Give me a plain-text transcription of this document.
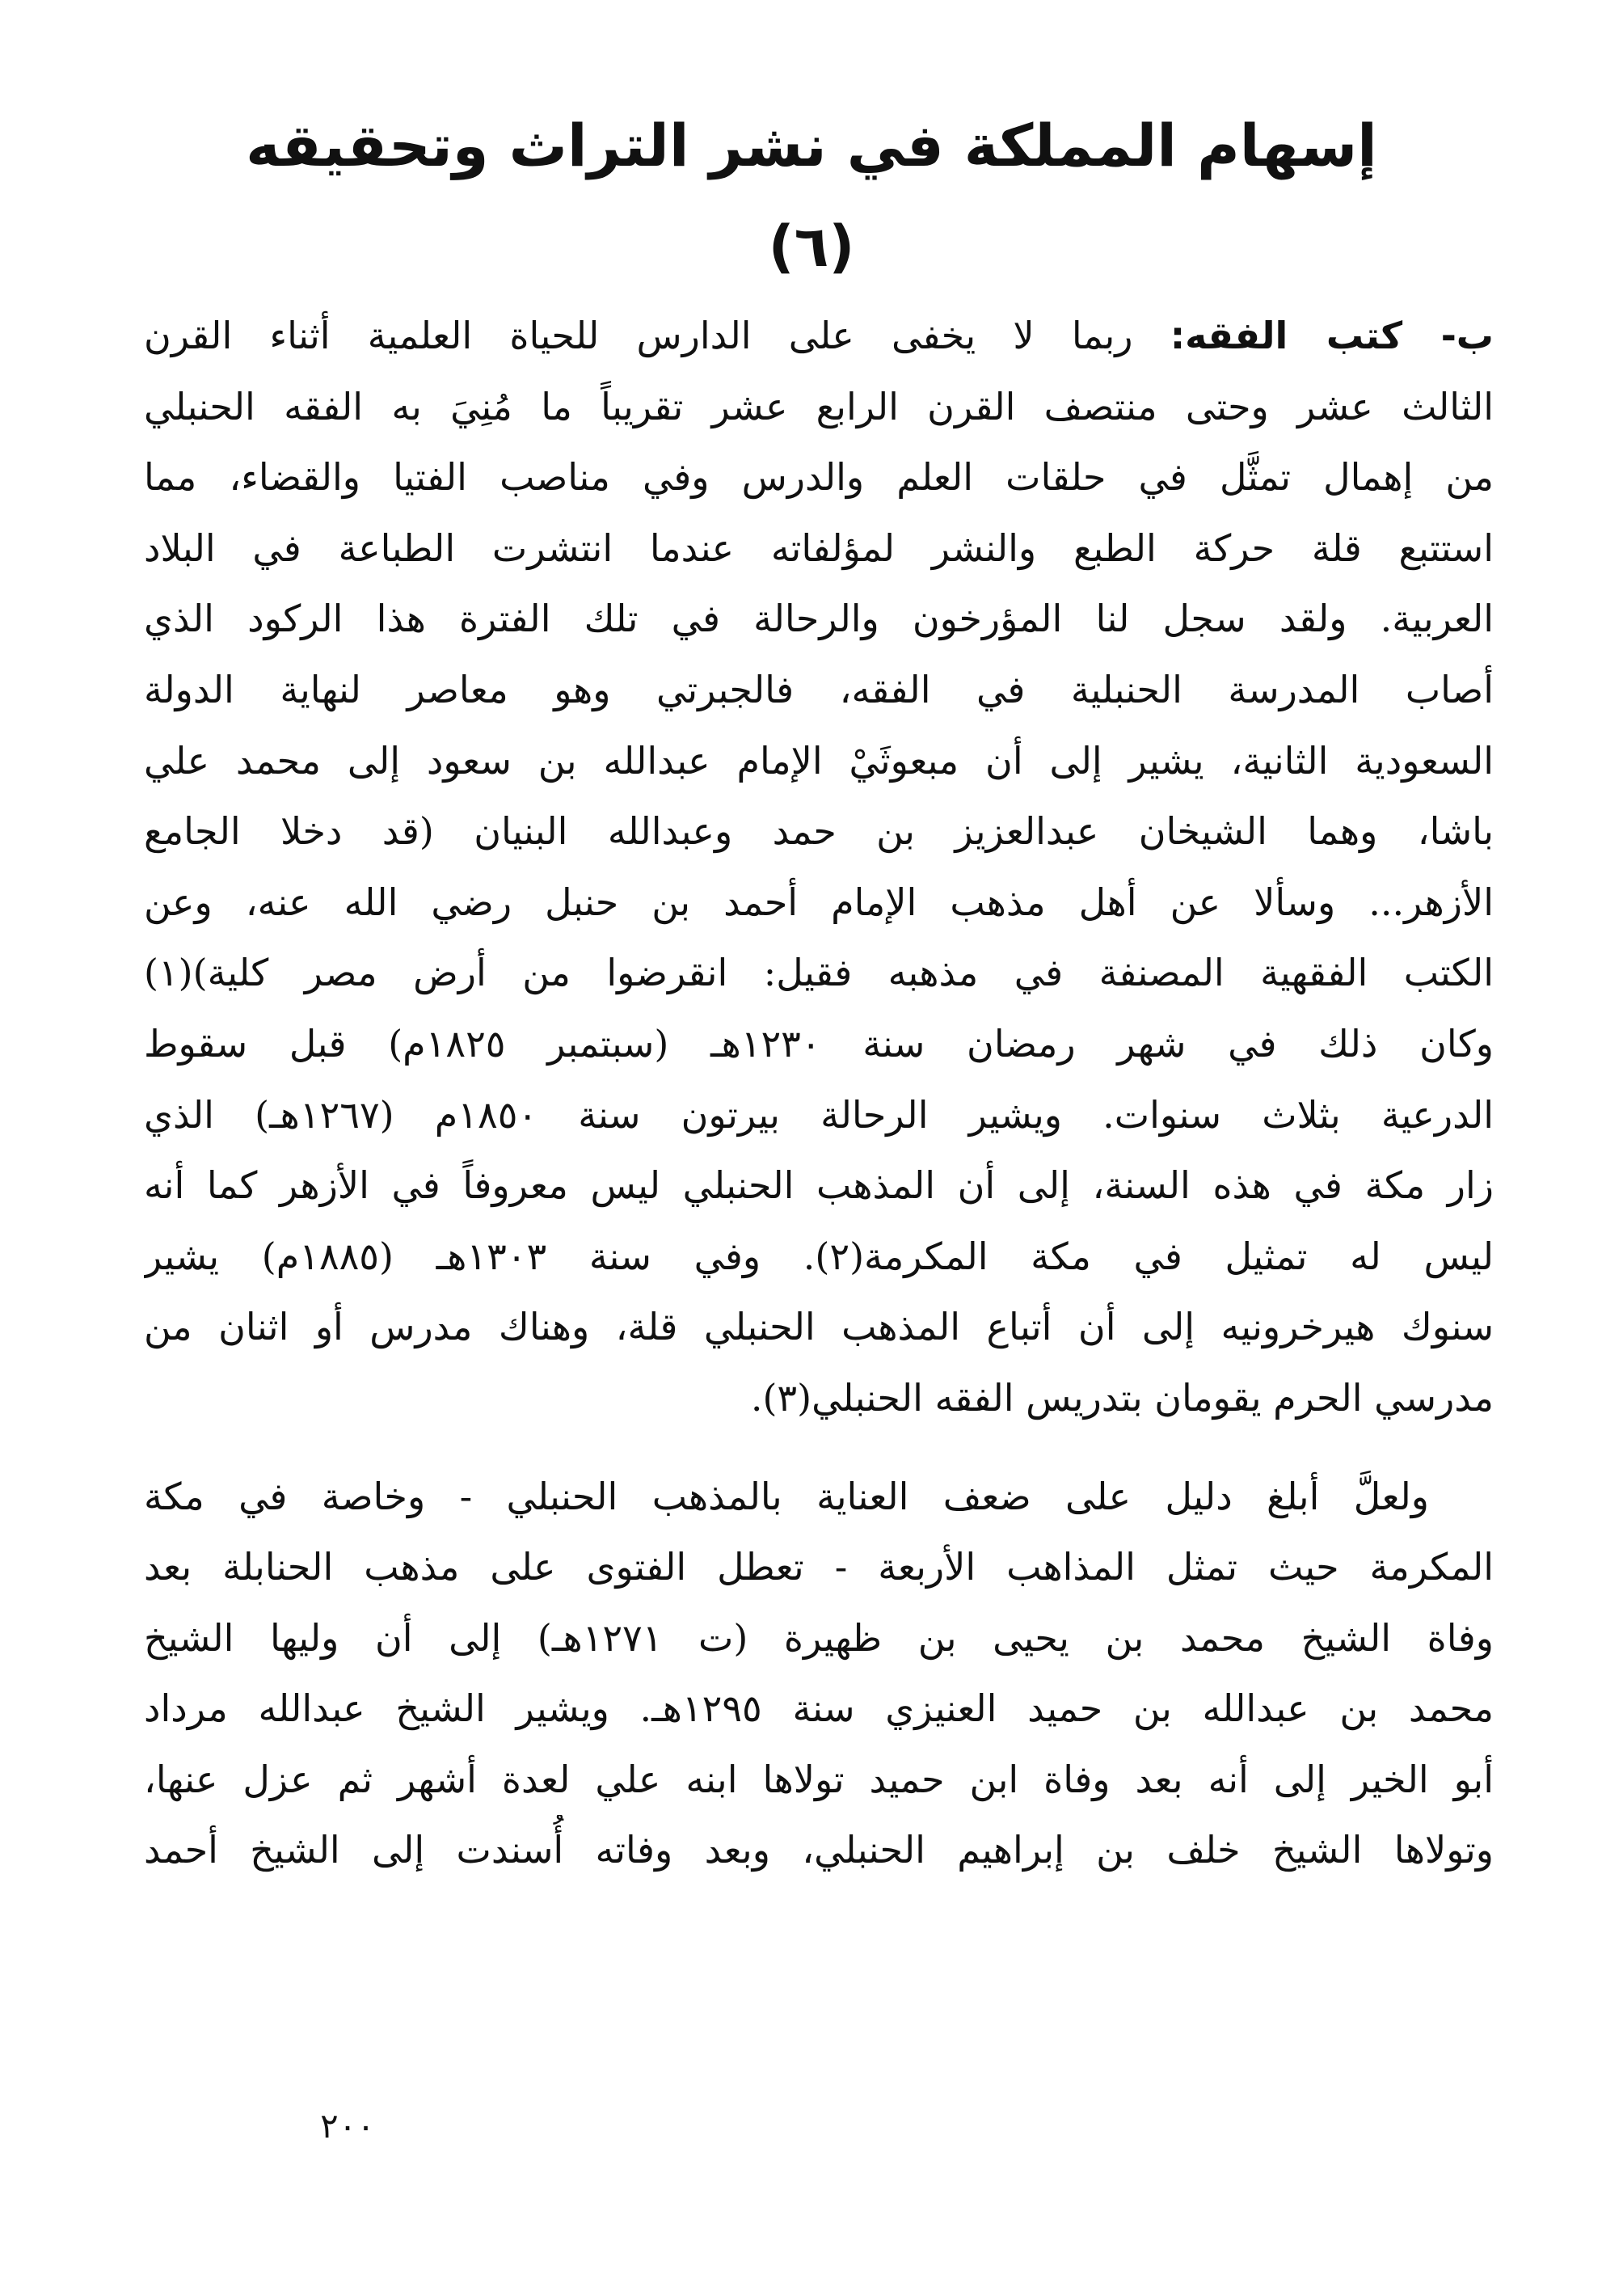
إسهام المملكة في نشر التراث وتحقيقه
(٦)
ب- كتب الفقه: ربما لا يخفى على الدارس للحياة العلمية أثناء القرن
الثالث عشر وحتى منتصف القرن الرابع عشر تقريباً ما مُنِيَ به الفقه الحنبلي
من إهمال تمثَّل في حلقات العلم والدرس وفي مناصب الفتيا والقضاء، مما
استتبع قلة حركة الطبع والنشر لمؤلفاته عندما انتشرت الطباعة في البلاد
العربية. ولقد سجل لنا المؤرخون والرحالة في تلك الفترة هذا الركود الذي
أصاب المدرسة الحنبلية في الفقه، فالجبرتي وهو معاصر لنهاية الدولة
السعودية الثانية، يشير إلى أن مبعوثَيْ الإمام عبدالله بن سعود إلى محمد علي
باشا، وهما الشيخان عبدالعزيز بن حمد وعبدالله البنيان (قد دخلا الجامع
الأزهر... وسألا عن أهل مذهب الإمام أحمد بن حنبل رضي الله عنه، وعن
الكتب الفقهية المصنفة في مذهبه فقيل: انقرضوا من أرض مصر كلية)(١)
وكان ذلك في شهر رمضان سنة ١٢٣٠هـ (سبتمبر ١٨٢٥م) قبل سقوط
الدرعية بثلاث سنوات. ويشير الرحالة بيرتون سنة ١٨٥٠م (١٢٦٧هـ) الذي
زار مكة في هذه السنة، إلى أن المذهب الحنبلي ليس معروفاً في الأزهر كما أنه
ليس له تمثيل في مكة المكرمة(٢). وفي سنة ١٣٠٣هـ (١٨٨٥م) يشير
سنوك هيرخرونيه إلى أن أتباع المذهب الحنبلي قلة، وهناك مدرس أو اثنان من
مدرسي الحرم يقومان بتدريس الفقه الحنبلي(٣).
ولعلَّ أبلغ دليل على ضعف العناية بالمذهب الحنبلي - وخاصة في مكة
المكرمة حيث تمثل المذاهب الأربعة - تعطل الفتوى على مذهب الحنابلة بعد
وفاة الشيخ محمد بن يحيى بن ظهيرة (ت ١٢٧١هـ) إلى أن وليها الشيخ
محمد بن عبدالله بن حميد العنيزي سنة ١٢٩٥هـ. ويشير الشيخ عبدالله مرداد
أبو الخير إلى أنه بعد وفاة ابن حميد تولاها ابنه علي لعدة أشهر ثم عزل عنها،
وتولاها الشيخ خلف بن إبراهيم الحنبلي، وبعد وفاته أُسندت إلى الشيخ أحمد
٢٠٠
